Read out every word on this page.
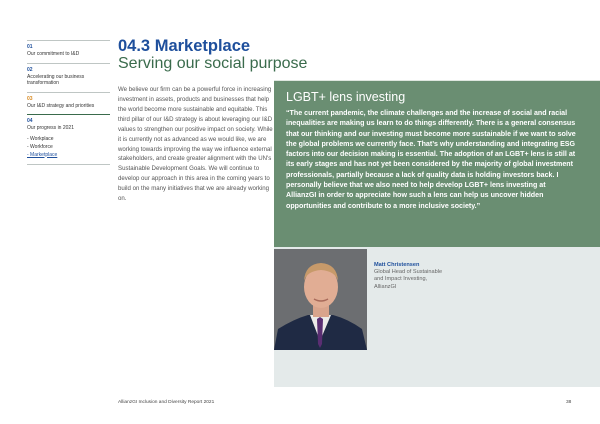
01
Our commitment to I&D
02
Accelerating our business transformation
03
Our I&D strategy and priorities
04
Our progress in 2021
- Workplace
- Workforce
- Marketplace
04.3 Marketplace
Serving our social purpose

We believe our firm can be a powerful force in increasing investment in assets, products and businesses that help the world become more sustainable and equitable. This third pillar of our I&D strategy is about leveraging our I&D values to strengthen our positive impact on society. While it is currently not as advanced as we would like, we are working towards improving the way we influence external stakeholders, and create greater alignment with the UN's Sustainable Development Goals. We will continue to develop our approach in this area in the coming years to build on the many initiatives that we are already working on.

LGBT+ lens investing
“The current pandemic, the climate challenges and the increase of social and racial inequalities are making us learn to do things differently. There is a general consensus that our thinking and our investing must become more sustainable if we want to solve the global problems we currently face. That’s why understanding and integrating ESG factors into our decision making is essential. The adoption of an LGBT+ lens is still at its early stages and has not yet been considered by the majority of global investment professionals, partially because a lack of quality data is holding investors back. I personally believe that we also need to help develop LGBT+ lens investing at AllianzGI in order to appreciate how such a lens can help us uncover hidden opportunities and contribute to a more inclusive society.”
Matt Christensen
Global Head of Sustainable
and Impact Investing,
AllianzGI
AllianzGI Inclusion and Diversity Report 2021	38
